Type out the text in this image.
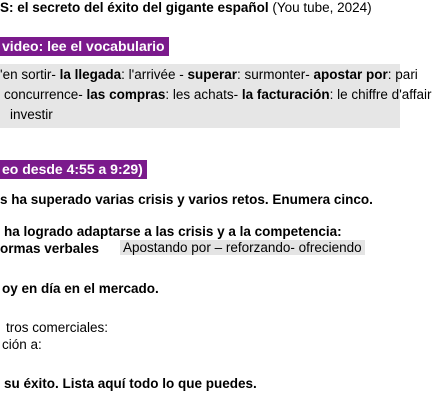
S: el secreto del éxito del gigante español (You tube, 2024)
video: lee el vocabulario
'en sortir- la llegada: l'arrivée - superar: surmonter- apostar por: pari
concurrence- las compras: les achats- la facturación: le chiffre d'affair
investir
eo desde 4:55 a 9:29)
s ha superado varias crisis y varios retos. Enumera cinco.
ha logrado adaptarse a las crisis y a la competencia:
ormas verbales Apostando por – reforzando- ofreciendo
oy en día en el mercado.
tros comerciales:
ción a:
su éxito. Lista aquí todo lo que puedes.
